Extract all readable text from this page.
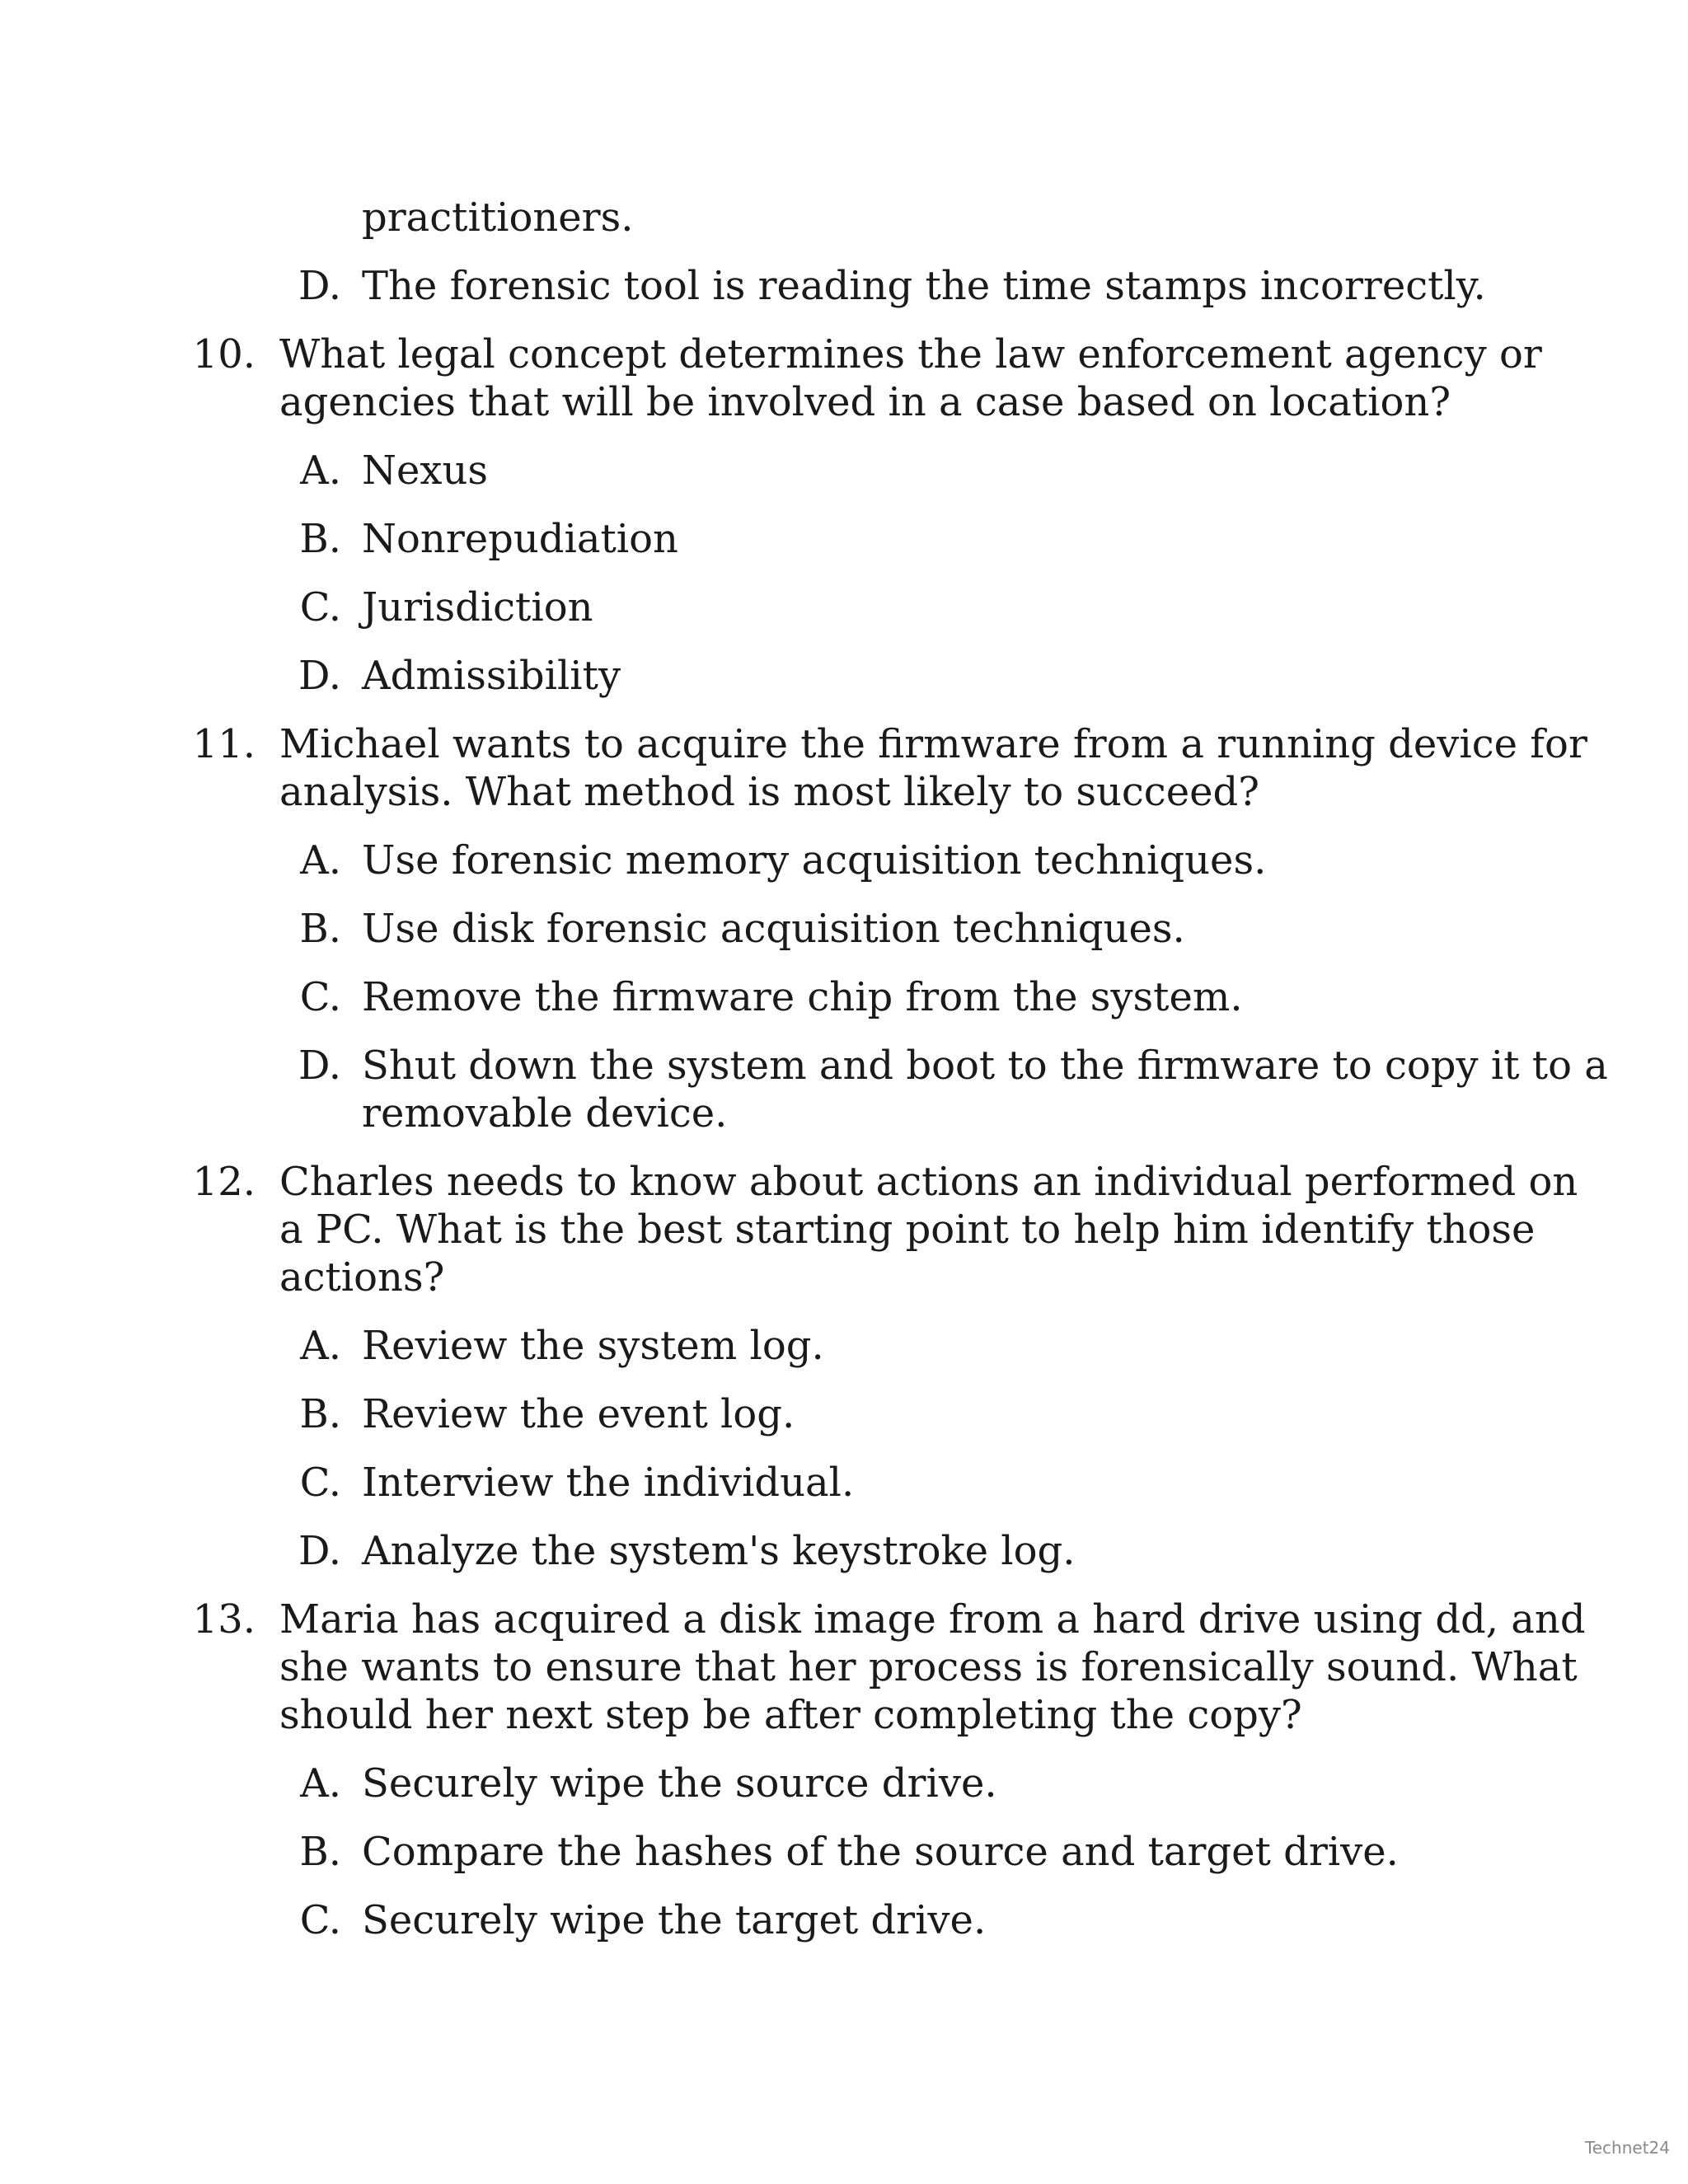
practitioners.
D. The forensic tool is reading the time stamps incorrectly.
10. What legal concept determines the law enforcement agency or
agencies that will be involved in a case based on location?
A. Nexus
B. Nonrepudiation
C. Jurisdiction
D. Admissibility
11. Michael wants to acquire the firmware from a running device for
analysis. What method is most likely to succeed?
A. Use forensic memory acquisition techniques.
B. Use disk forensic acquisition techniques.
C. Remove the firmware chip from the system.
D. Shut down the system and boot to the firmware to copy it to a
removable device.
12. Charles needs to know about actions an individual performed on
a PC. What is the best starting point to help him identify those
actions?
A. Review the system log.
B. Review the event log.
C. Interview the individual.
D. Analyze the system's keystroke log.
13. Maria has acquired a disk image from a hard drive using dd, and
she wants to ensure that her process is forensically sound. What
should her next step be after completing the copy?
A. Securely wipe the source drive.
B. Compare the hashes of the source and target drive.
C. Securely wipe the target drive.
Technet24
